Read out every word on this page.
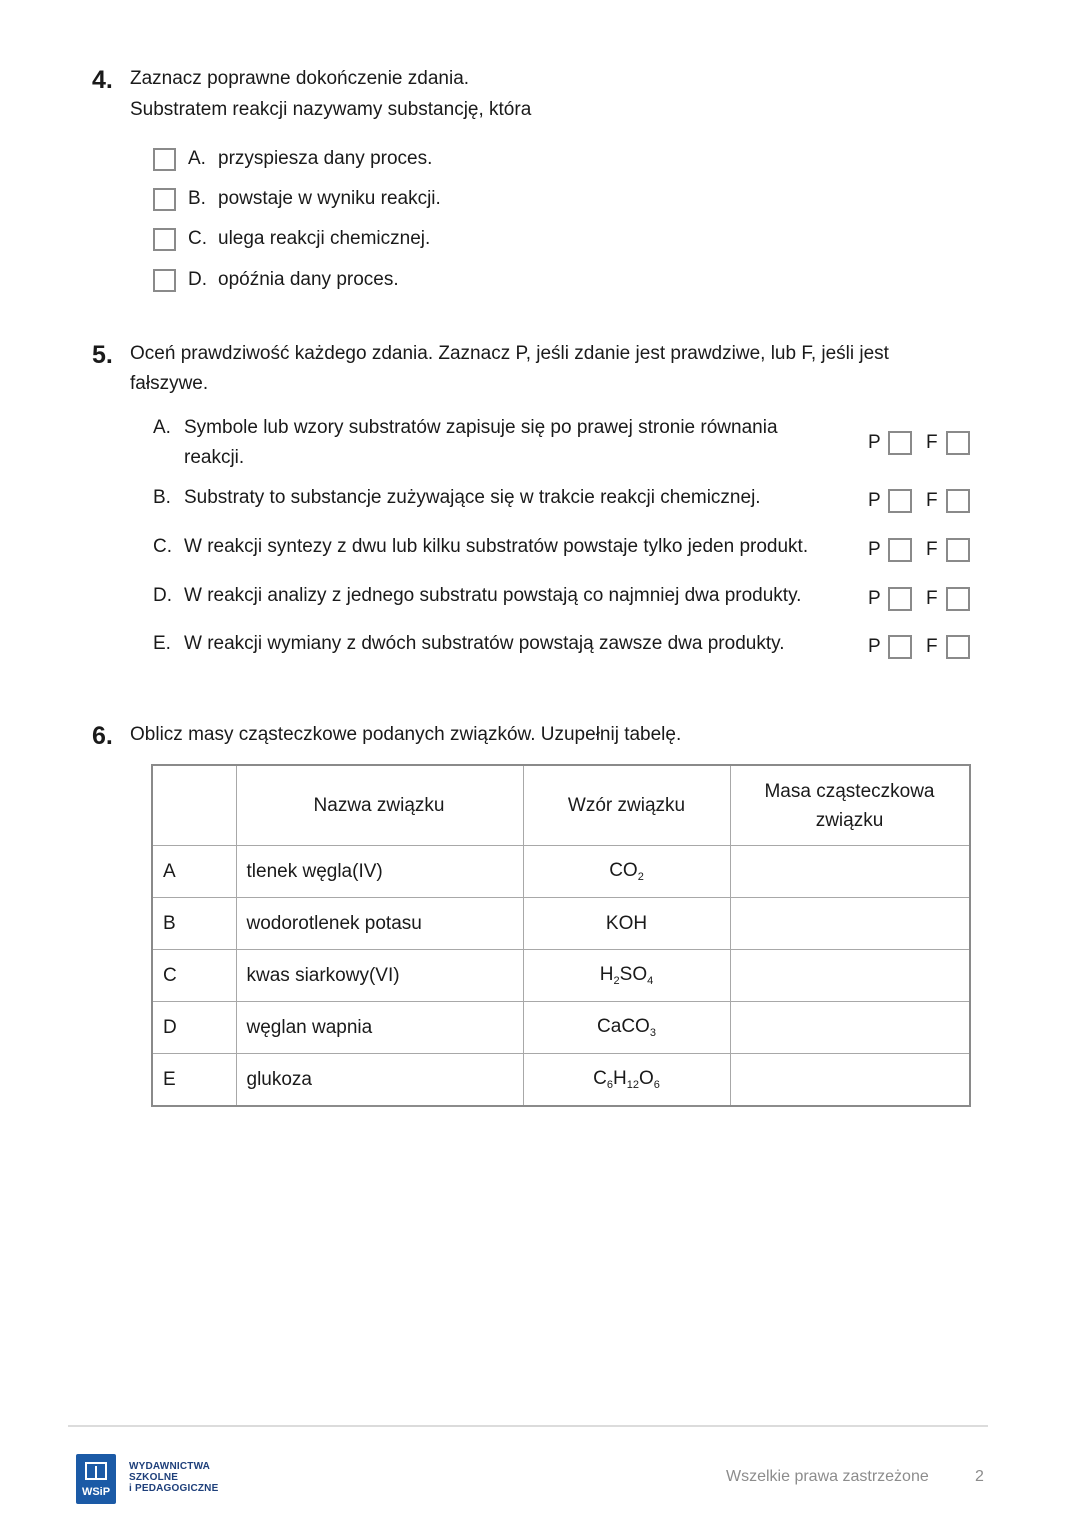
4. Zaznacz poprawne dokończenie zdania.
Substratem reakcji nazywamy substancję, która
A. przyspiesza dany proces.
B. powstaje w wyniku reakcji.
C. ulega reakcji chemicznej.
D. opóźnia dany proces.
5. Oceń prawdziwość każdego zdania. Zaznacz P, jeśli zdanie jest prawdziwe, lub F, jeśli jest
fałszywe.
A. Symbole lub wzory substratów zapisuje się po prawej stronie równania
reakcji.
P	F
B. Substraty to substancje zużywające się w trakcie reakcji chemicznej.	P	F
C. W reakcji syntezy z dwu lub kilku substratów powstaje tylko jeden produkt.	P	F
D. W reakcji analizy z jednego substratu powstają co najmniej dwa produkty.	P	F
E. W reakcji wymiany z dwóch substratów powstają zawsze dwa produkty.	P	F
6. Oblicz masy cząsteczkowe podanych związków. Uzupełnij tabelę.
	Nazwa związku	Wzór związku	Masa cząsteczkowa
związku
A	tlenek węgla(IV)	$CO_2$	
B	wodorotlenek potasu	KOH	
C	kwas siarkowy(VI)	$H_2SO_4$	
D	węglan wapnia	CaCO$_3$	
E	glukoza	$C_6H_{12}O_6$	
WSiP
WYDAWNICTWA
SZKOLNE
i PEDAGOGICZNE
Wszelkie prawa zastrzeżone	2
